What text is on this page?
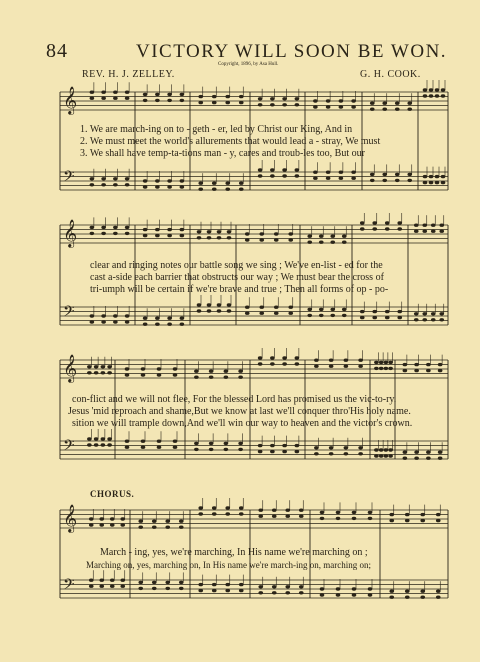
84	VICTORY WILL SOON BE WON.
Copyright, 1896, by Asa Hull.
REV. H. J. ZELLEY.	G. H. COOK.
𝄞
𝄢
𝄞
𝄢
𝄞
𝄢
𝄞
𝄢
1. We are march-ing on to - geth - er, led by Christ our King, And in
2. We must meet the world's allurements that would lead a - stray, We must
3. We shall have temp-ta-tions man - y, cares and troub-les too, But our
clear and ringing notes our battle song we sing ; We've en-list - ed for the
cast a-side each barrier that obstructs our way ; We must bear the cross of
tri-umph will be certain if we're brave and true ; Then all forms of op - po-
con-flict and we will not flee, For the blessed Lord has promised us the vic-to-ry.
Jesus 'mid reproach and shame,But we know at last we'll conquer thro'His holy name.
sition we will trample down,And we'll win our way to heaven and the victor's crown.
CHORUS.
March - ing, yes, we're marching, In His name we're marching on ;
Marching on, yes, marching on, In His name we're march-ing on, marching on;
